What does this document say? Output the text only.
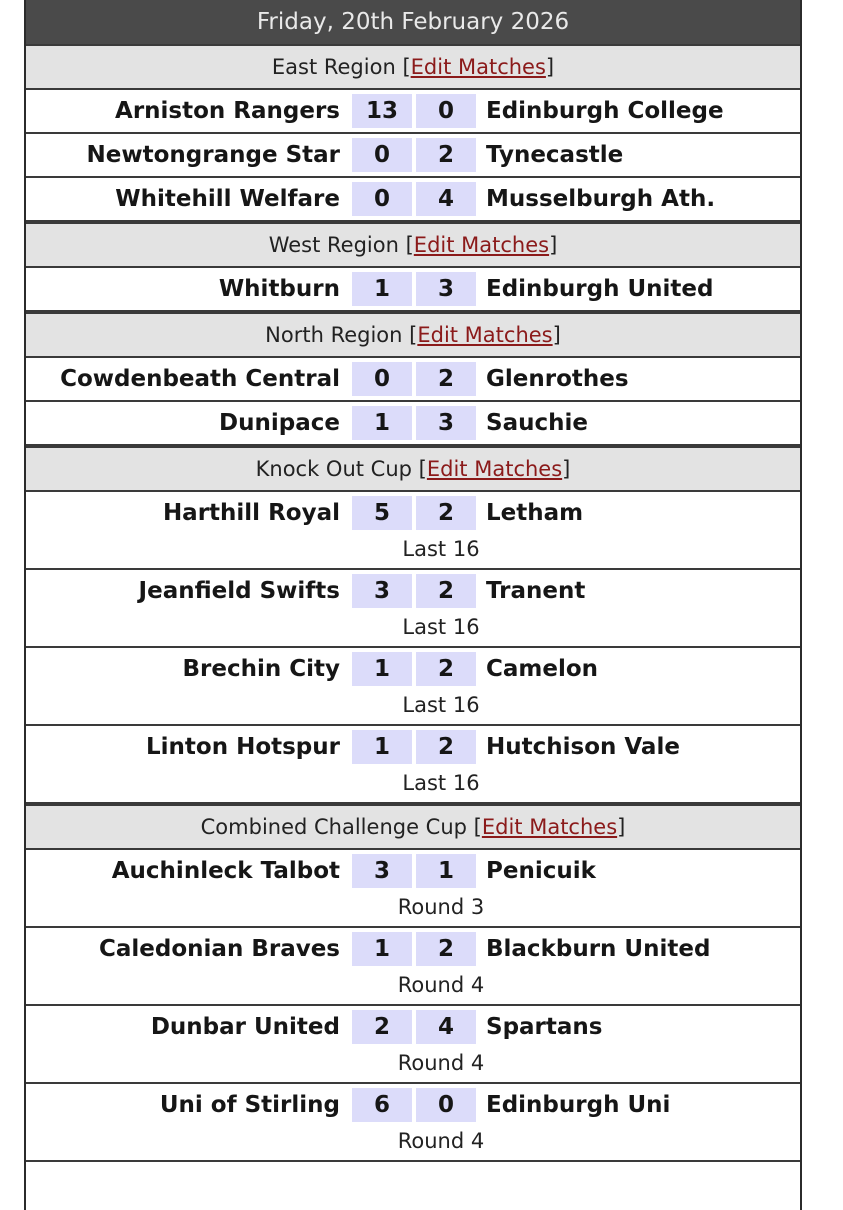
Friday, 20th February 2026
East Region [Edit Matches]
Arniston Rangers	13	0	Edinburgh College
Newtongrange Star	0	2	Tynecastle
Whitehill Welfare	0	4	Musselburgh Ath.
West Region [Edit Matches]
Whitburn	1	3	Edinburgh United
North Region [Edit Matches]
Cowdenbeath Central	0	2	Glenrothes
Dunipace	1	3	Sauchie
Knock Out Cup [Edit Matches]
Harthill Royal	5	2	Letham
Last 16
Jeanfield Swifts	3	2	Tranent
Last 16
Brechin City	1	2	Camelon
Last 16
Linton Hotspur	1	2	Hutchison Vale
Last 16
Combined Challenge Cup [Edit Matches]
Auchinleck Talbot	3	1	Penicuik
Round 3
Caledonian Braves	1	2	Blackburn United
Round 4
Dunbar United	2	4	Spartans
Round 4
Uni of Stirling	6	0	Edinburgh Uni
Round 4
